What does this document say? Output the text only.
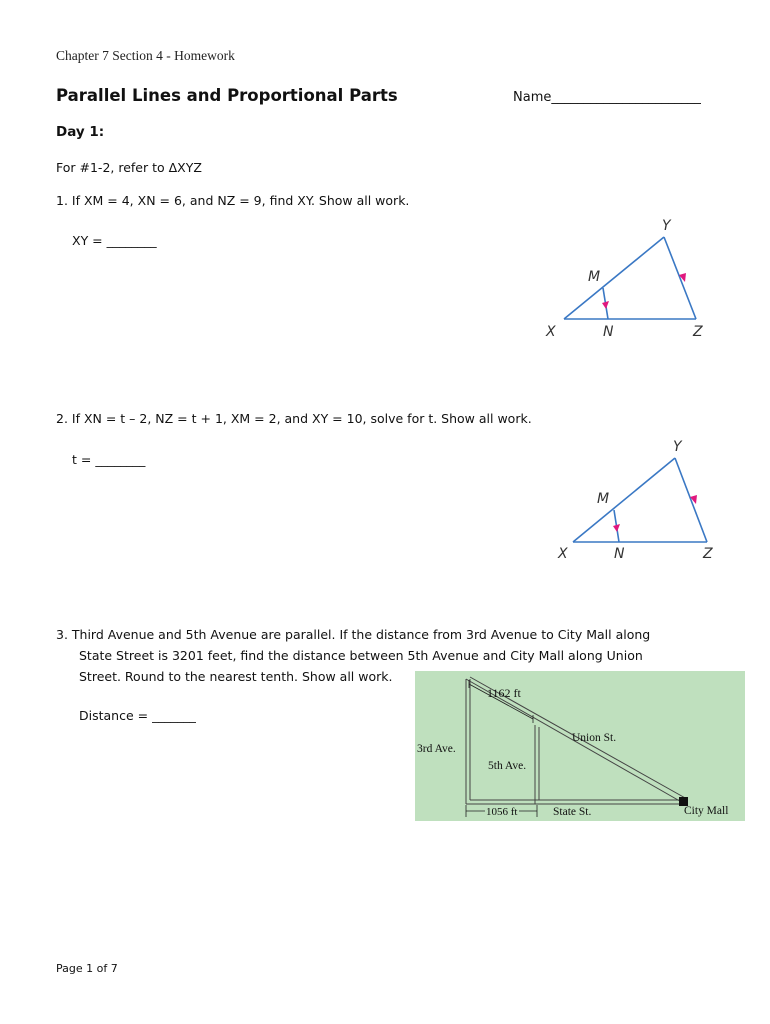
Chapter 7 Section 4 - Homework
Parallel Lines and Proportional Parts	Name_______________________
Day 1:
For #1-2, refer to ΔXYZ
1. If XM = 4, XN = 6, and NZ = 9, find XY. Show all work.
XY = ________
X
Y
Z
M
N
2. If XN = t – 2, NZ = t + 1, XM = 2, and XY = 10, solve for t. Show all work.
t = ________
X
Y
Z
M
N
3. Third Avenue and 5th Avenue are parallel. If the distance from 3rd Avenue to City Mall along
State Street is 3201 feet, find the distance between 5th Avenue and City Mall along Union
Street. Round to the nearest tenth. Show all work.
Distance = _______
1162 ft
1056 ft
Union St.
3rd Ave.
5th Ave.
State St.	City Mall
Page 1 of 7
